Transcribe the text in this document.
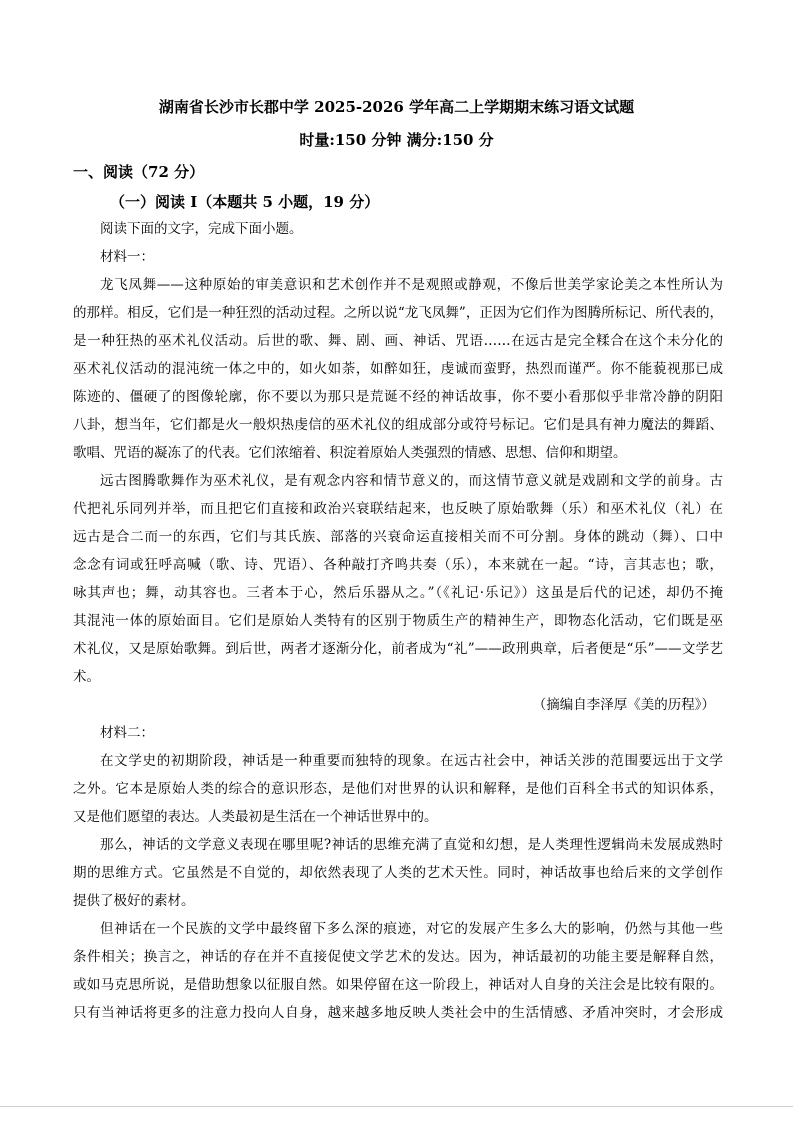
湖南省长沙市长郡中学 2025-2026 学年高二上学期期末练习语文试题
时量:150 分钟 满分:150 分
一、阅读（72 分）
（一）阅读 I（本题共 5 小题，19 分）

阅读下面的文字，完成下面小题。

材料一：

龙飞凤舞——这种原始的审美意识和艺术创作并不是观照或静观，不像后世美学家论美之本性所认为

的那样。相反，它们是一种狂烈的活动过程。之所以说“龙飞凤舞”，正因为它们作为图腾所标记、所代表的，

是一种狂热的巫术礼仪活动。后世的歌、舞、剧、画、神话、咒语……在远古是完全糅合在这个未分化的

巫术礼仪活动的混沌统一体之中的，如火如荼，如醉如狂，虔诚而蛮野，热烈而谨严。你不能藐视那已成

陈迹的、僵硬了的图像轮廓，你不要以为那只是荒诞不经的神话故事，你不要小看那似乎非常冷静的阴阳

八卦，想当年，它们都是火一般炽热虔信的巫术礼仪的组成部分或符号标记。它们是具有神力魔法的舞蹈、

歌唱、咒语的凝冻了的代表。它们浓缩着、积淀着原始人类强烈的情感、思想、信仰和期望。

远古图腾歌舞作为巫术礼仪，是有观念内容和情节意义的，而这情节意义就是戏剧和文学的前身。古

代把礼乐同列并举，而且把它们直接和政治兴衰联结起来，也反映了原始歌舞（乐）和巫术礼仪（礼）在

远古是合二而一的东西，它们与其氏族、部落的兴衰命运直接相关而不可分割。身体的跳动（舞）、口中

念念有词或狂呼高喊（歌、诗、咒语）、各种敲打齐鸣共奏（乐），本来就在一起。“诗，言其志也；歌，

咏其声也；舞，动其容也。三者本于心，然后乐器从之。”（《礼记·乐记》）这虽是后代的记述，却仍不掩

其混沌一体的原始面目。它们是原始人类特有的区别于物质生产的精神生产，即物态化活动，它们既是巫

术礼仪，又是原始歌舞。到后世，两者才逐渐分化，前者成为“礼”——政刑典章，后者便是“乐”——文学艺

术。

（摘编自李泽厚《美的历程》）

材料二：

在文学史的初期阶段，神话是一种重要而独特的现象。在远古社会中，神话关涉的范围要远出于文学

之外。它本是原始人类的综合的意识形态，是他们对世界的认识和解释，是他们百科全书式的知识体系，

又是他们愿望的表达。人类最初是生活在一个神话世界中的。

那么，神话的文学意义表现在哪里呢?神话的思维充满了直觉和幻想，是人类理性逻辑尚未发展成熟时

期的思维方式。它虽然是不自觉的，却依然表现了人类的艺术天性。同时，神话故事也给后来的文学创作

提供了极好的素材。

但神话在一个民族的文学中最终留下多么深的痕迹，对它的发展产生多么大的影响，仍然与其他一些

条件相关；换言之，神话的存在并不直接促使文学艺术的发达。因为，神话最初的功能主要是解释自然，

或如马克思所说，是借助想象以征服自然。如果停留在这一阶段上，神话对人自身的关注会是比较有限的。

只有当神话将更多的注意力投向人自身，越来越多地反映人类社会中的生活情感、矛盾冲突时，才会形成
